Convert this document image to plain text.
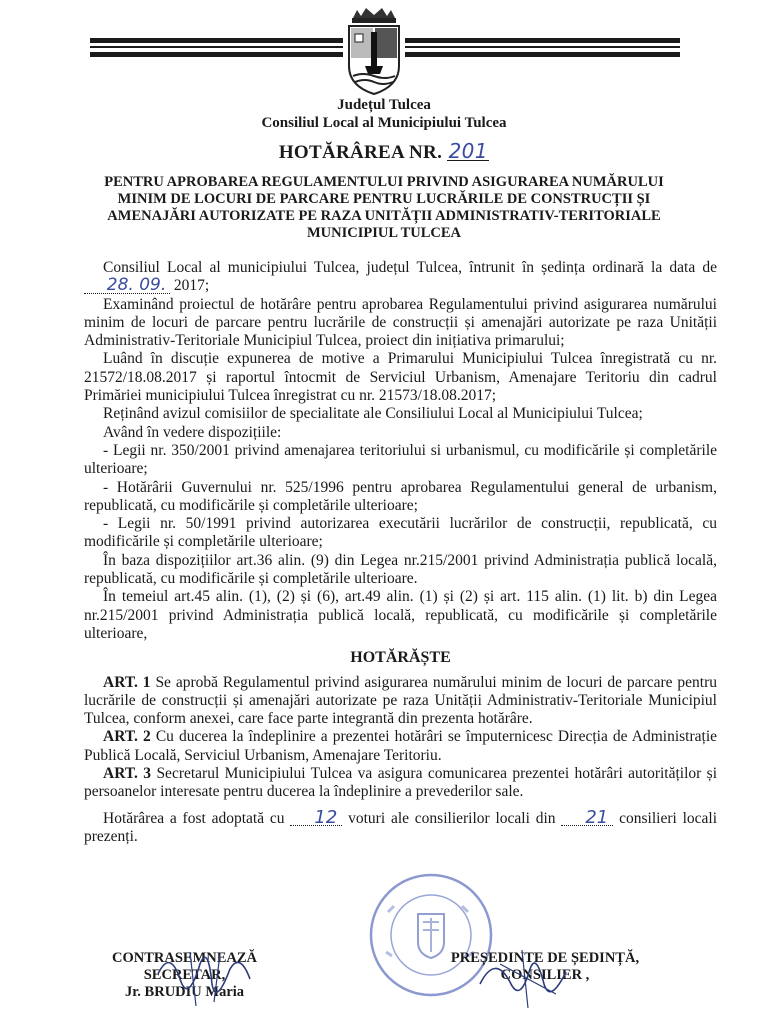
Județul Tulcea
Consiliul Local al Municipiului Tulcea
HOTĂRÂREA NR. 201
PENTRU APROBAREA REGULAMENTULUI PRIVIND ASIGURAREA NUMĂRULUI MINIM DE LOCURI DE PARCARE PENTRU LUCRĂRILE DE CONSTRUCȚII ȘI AMENAJĂRI AUTORIZATE PE RAZA UNITĂȚII ADMINISTRATIV-TERITORIALE MUNICIPIUL TULCEA

Consiliul Local al municipiului Tulcea, județul Tulcea, întrunit în ședința ordinară la data de 28. 09. 2017;

Examinând proiectul de hotărâre pentru aprobarea Regulamentului privind asigurarea numărului minim de locuri de parcare pentru lucrările de construcții și amenajări autorizate pe raza Unității Administrativ-Teritoriale Municipiul Tulcea, proiect din inițiativa primarului;

Luând în discuție expunerea de motive a Primarului Municipiului Tulcea înregistrată cu nr. 21572/18.08.2017 și raportul întocmit de Serviciul Urbanism, Amenajare Teritoriu din cadrul Primăriei municipiului Tulcea înregistrat cu nr. 21573/18.08.2017;

Reținând avizul comisiilor de specialitate ale Consiliului Local al Municipiului Tulcea;

Având în vedere dispozițiile:

- Legii nr. 350/2001 privind amenajarea teritoriului si urbanismul, cu modificările și completările ulterioare;

- Hotărârii Guvernului nr. 525/1996 pentru aprobarea Regulamentului general de urbanism, republicată, cu modificările și completările ulterioare;

- Legii nr. 50/1991 privind autorizarea executării lucrărilor de construcții, republicată, cu modificările și completările ulterioare;

În baza dispozițiilor art.36 alin. (9) din Legea nr.215/2001 privind Administrația publică locală, republicată, cu modificările și completările ulterioare.

În temeiul art.45 alin. (1), (2) și (6), art.49 alin. (1) și (2) și art. 115 alin. (1) lit. b) din Legea nr.215/2001 privind Administrația publică locală, republicată, cu modificările și completările ulterioare,

HOTĂRĂȘTE

ART. 1 Se aprobă Regulamentul privind asigurarea numărului minim de locuri de parcare pentru lucrările de construcții și amenajări autorizate pe raza Unității Administrativ-Teritoriale Municipiul Tulcea, conform anexei, care face parte integrantă din prezenta hotărâre.

ART. 2 Cu ducerea la îndeplinire a prezentei hotărâri se împuternicesc Direcția de Administrație Publică Locală, Serviciul Urbanism, Amenajare Teritoriu.

ART. 3 Secretarul Municipiului Tulcea va asigura comunicarea prezentei hotărâri autorităților și persoanelor interesate pentru ducerea la îndeplinire a prevederilor sale.

Hotărârea a fost adoptată cu 12 voturi ale consilierilor locali din 21 consilieri locali prezenți.

CONTRASEMNEAZĂ
SECRETAR,
Jr. BRUDIU Maria
PREȘEDINTE DE ȘEDINȚĂ,
CONSILIER ,
